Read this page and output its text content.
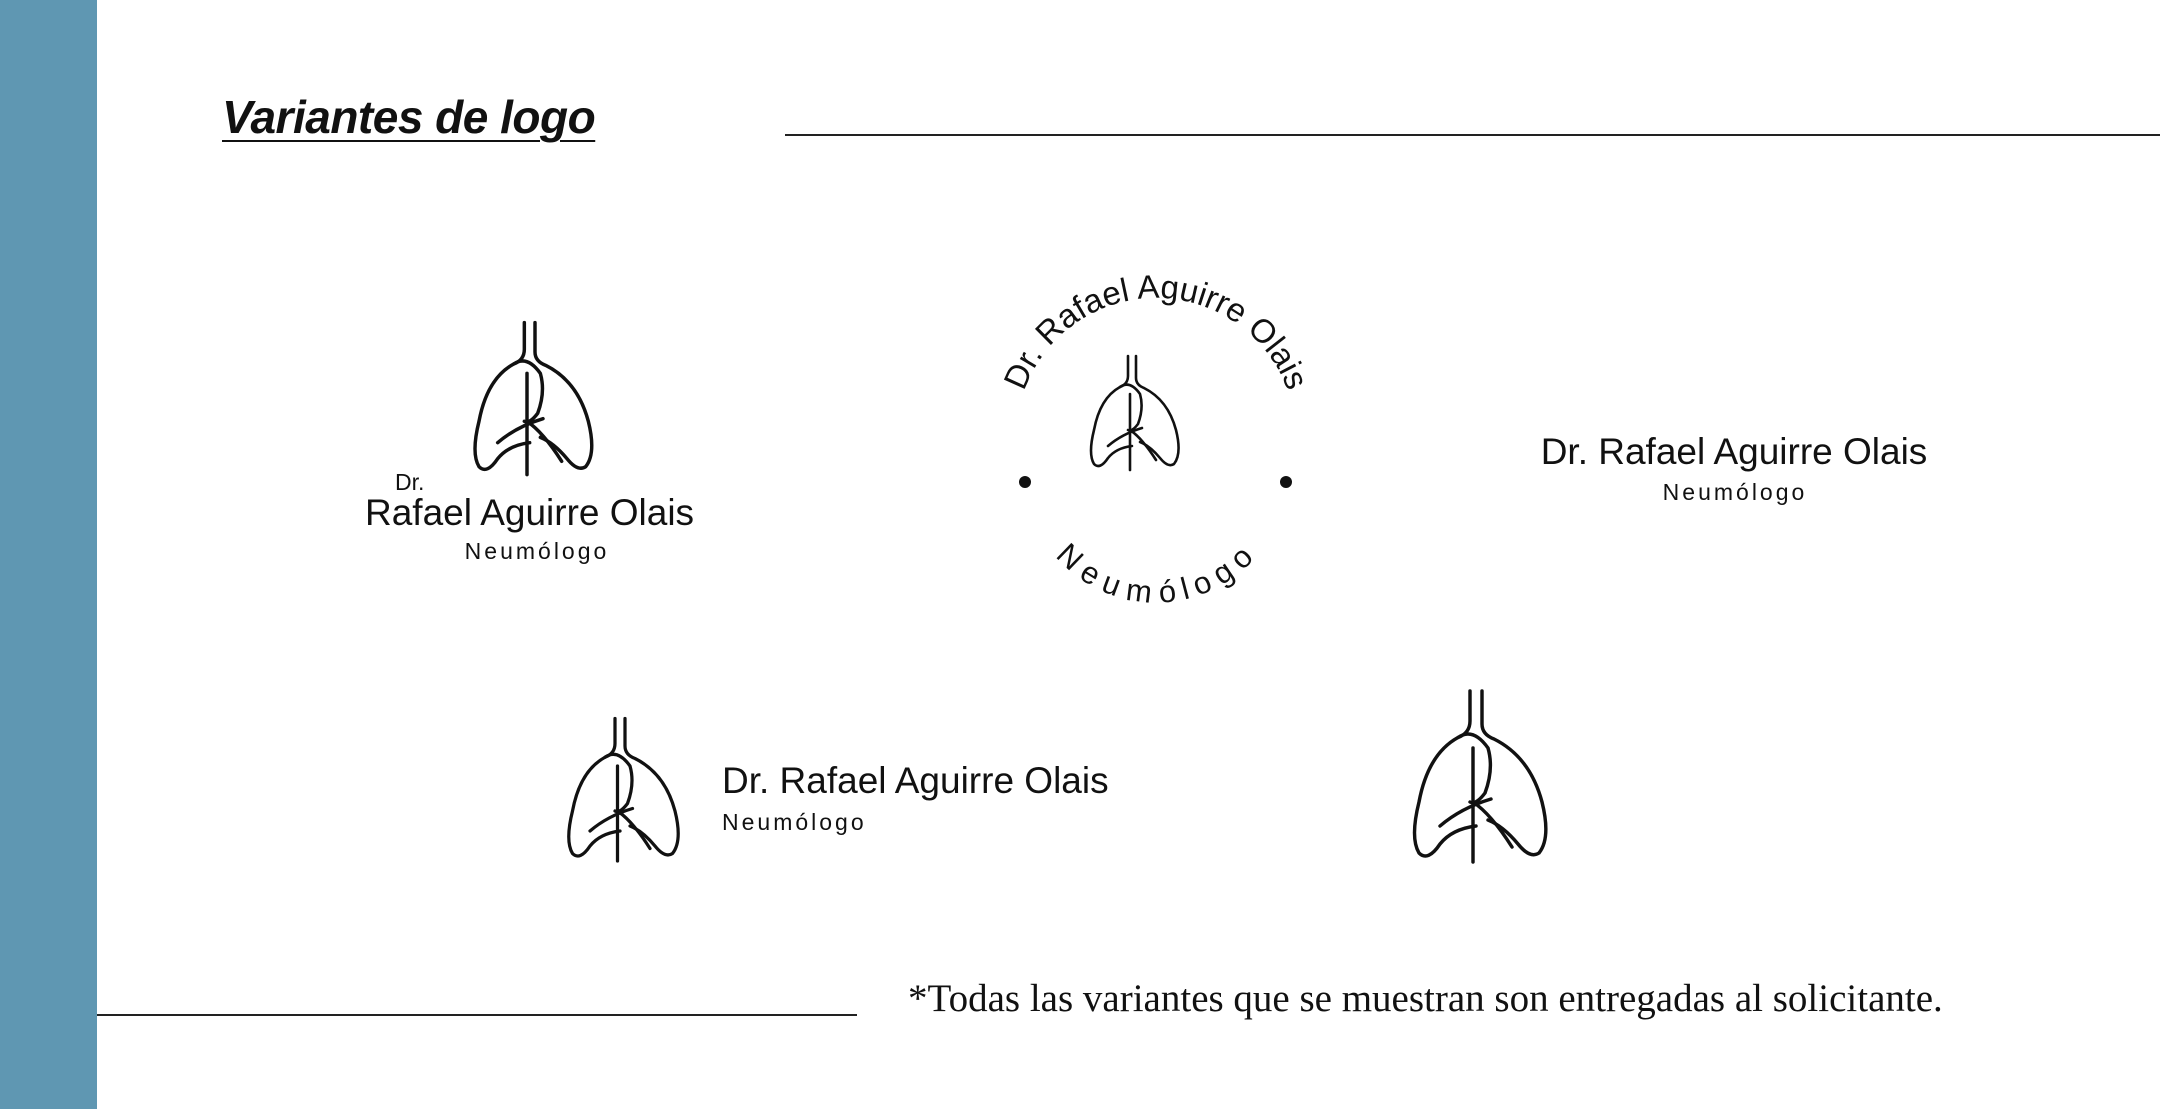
Variantes de logo
Dr.
Rafael Aguirre Olais
Neumólogo
Dr. Rafael Aguirre Olais
Neumólogo
Dr. Rafael Aguirre Olais
Neumólogo
Dr. Rafael Aguirre Olais
Neumólogo

*Todas las variantes que se muestran son entregadas al solicitante.
